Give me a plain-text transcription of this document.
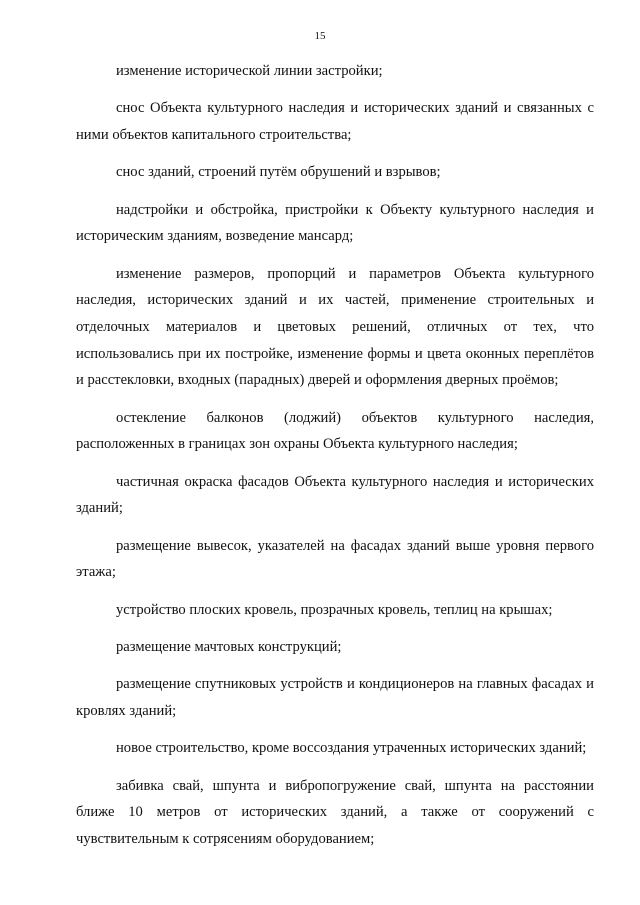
15

изменение исторической линии застройки;

снос Объекта культурного наследия и исторических зданий и связанных с ними объектов капитального строительства;

снос зданий, строений путём обрушений и взрывов;

надстройки и обстройка, пристройки к Объекту культурного наследия и историческим зданиям, возведение мансард;

изменение размеров, пропорций и параметров Объекта культурного наследия, исторических зданий и их частей, применение строительных и отделочных материалов и цветовых решений, отличных от тех, что использовались при их постройке, изменение формы и цвета оконных переплётов и расстекловки, входных (парадных) дверей и оформления дверных проёмов;

остекление балконов (лоджий) объектов культурного наследия, расположенных в границах зон охраны Объекта культурного наследия;

частичная окраска фасадов Объекта культурного наследия и исторических зданий;

размещение вывесок, указателей на фасадах зданий выше уровня первого этажа;

устройство плоских кровель, прозрачных кровель, теплиц на крышах;

размещение мачтовых конструкций;

размещение спутниковых устройств и кондиционеров на главных фасадах и кровлях зданий;

новое строительство, кроме воссоздания утраченных исторических зданий;

забивка свай, шпунта и вибропогружение свай, шпунта на расстоянии ближе 10 метров от исторических зданий, а также от сооружений с чувствительным к сотрясениям оборудованием;
